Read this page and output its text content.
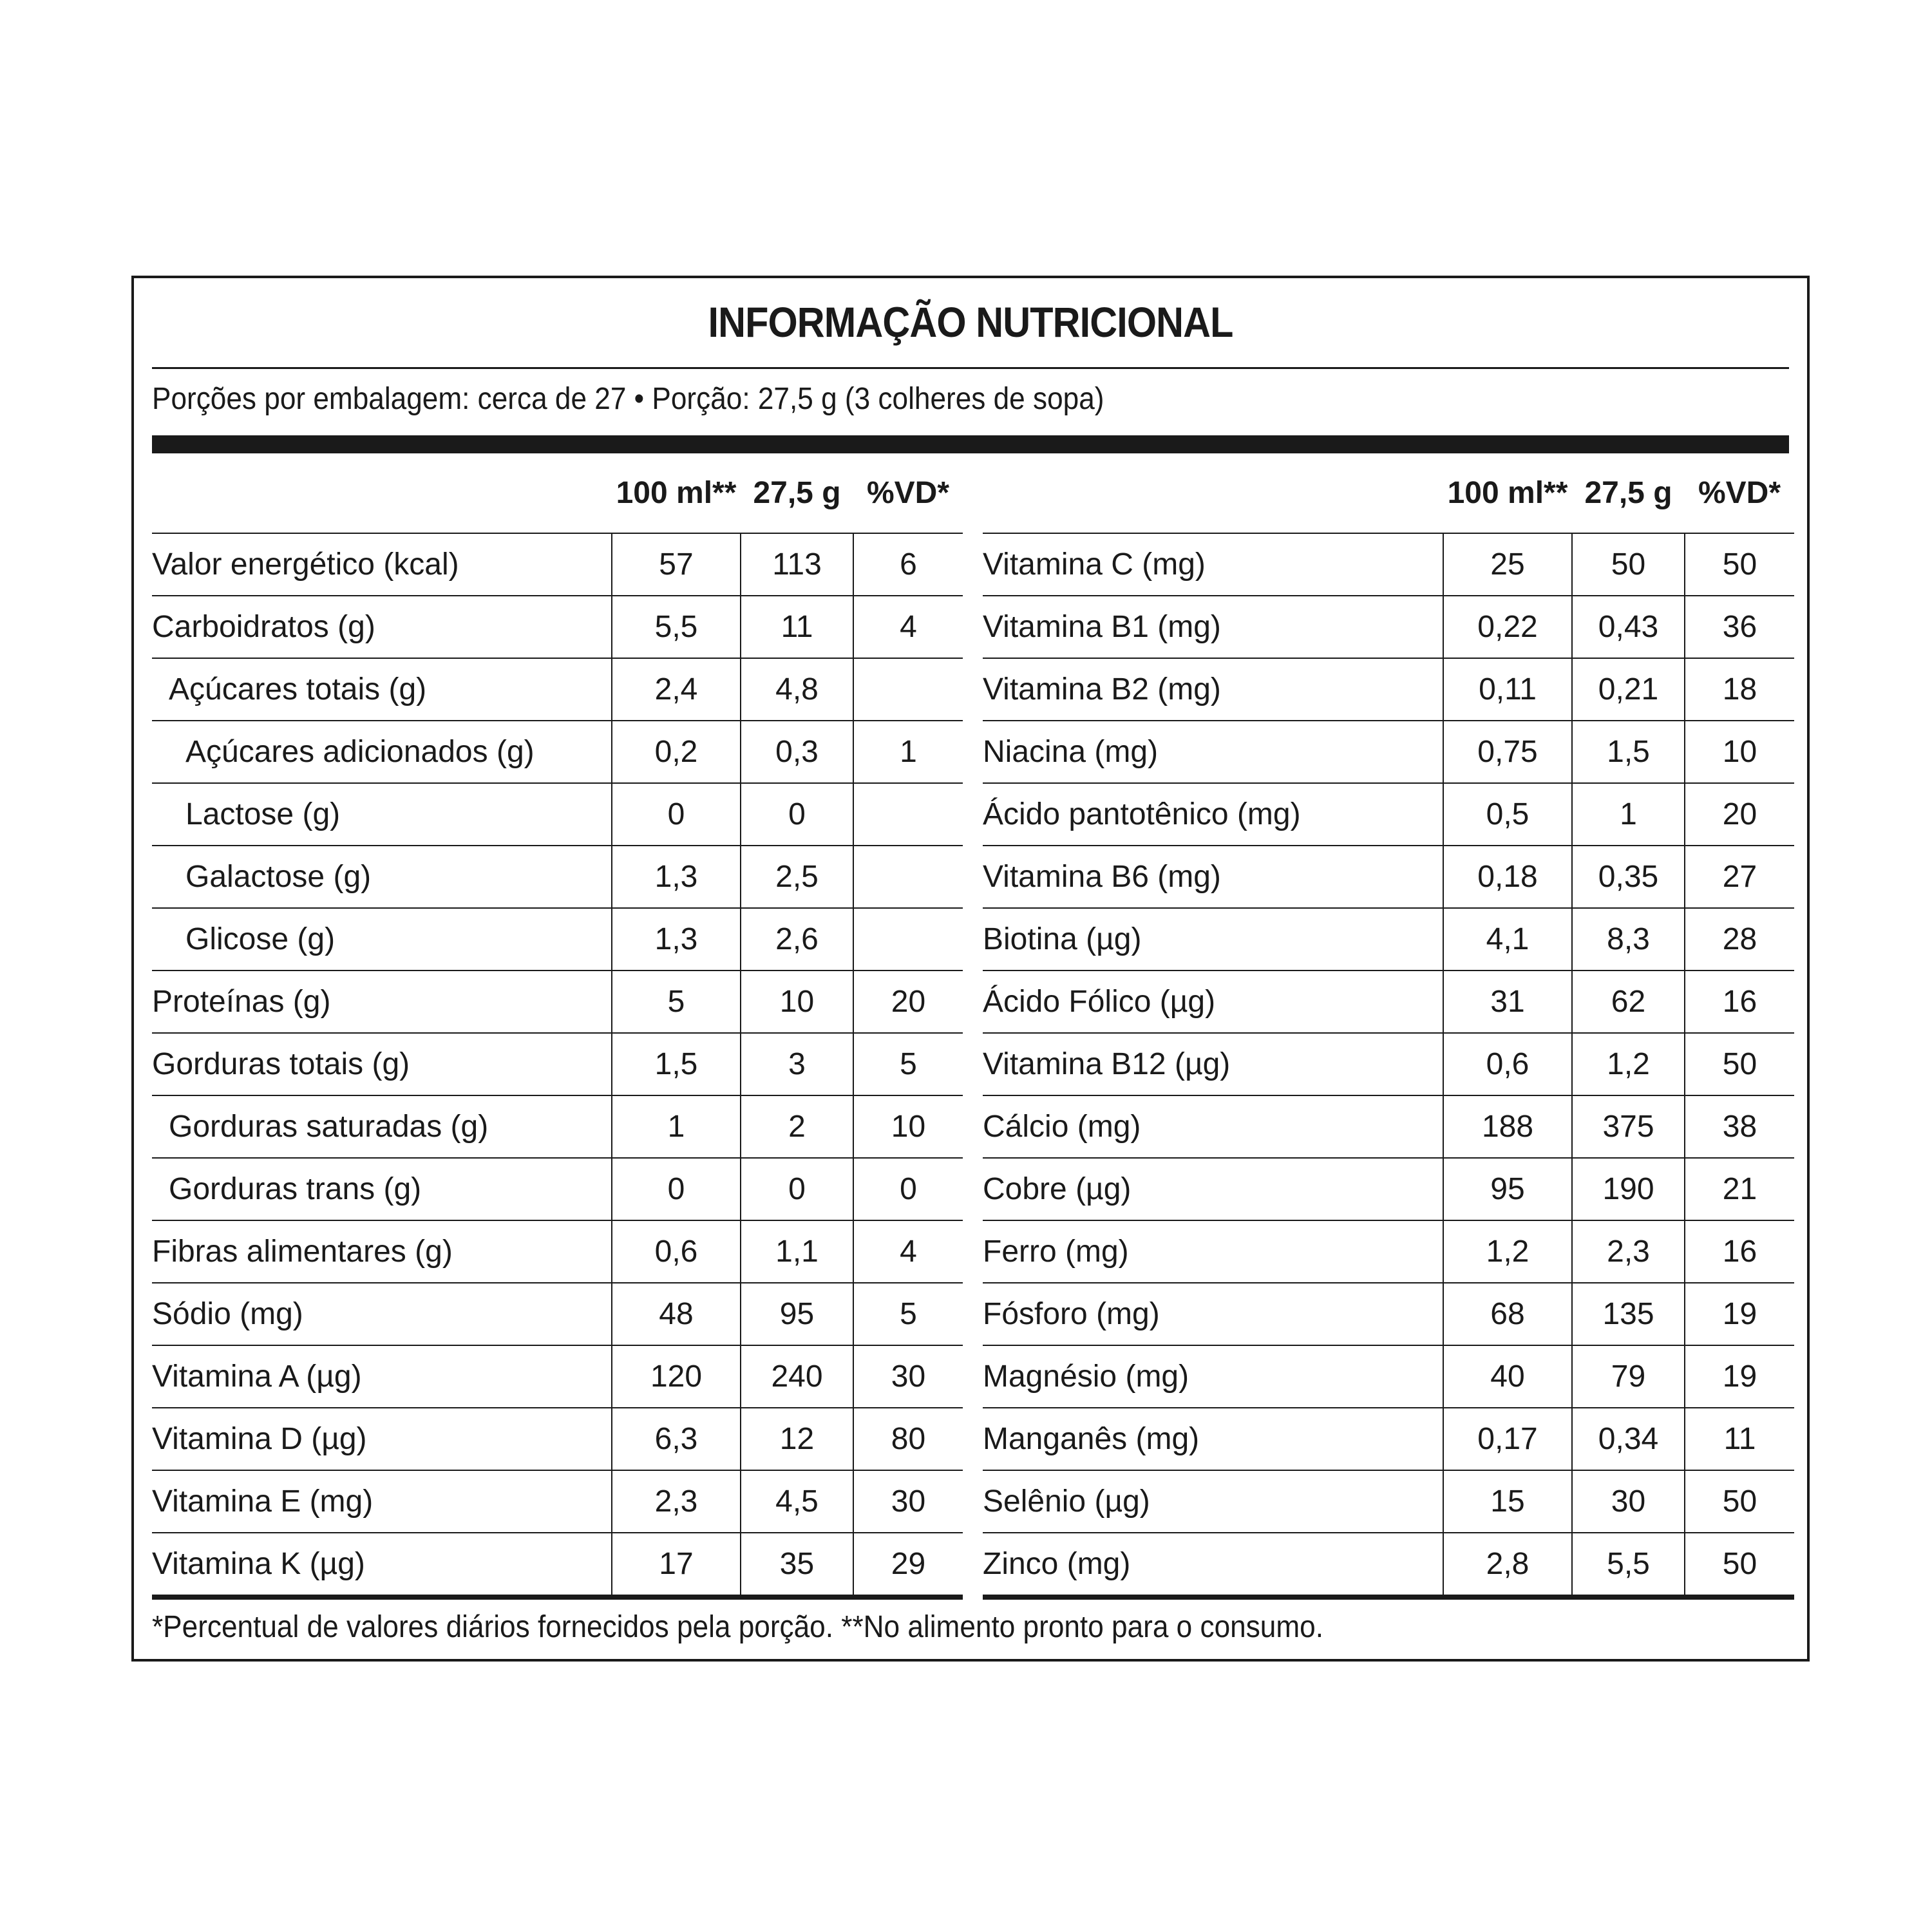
INFORMAÇÃO NUTRICIONAL
Porções por embalagem: cerca de 27 • Porção: 27,5 g (3 colheres de sopa)
	100 ml**	27,5 g	%VD*
Valor energético (kcal)	57	113	6
Carboidratos (g)	5,5	11	4
Açúcares totais (g)	2,4	4,8	
Açúcares adicionados (g)	0,2	0,3	1
Lactose (g)	0	0	
Galactose (g)	1,3	2,5	
Glicose (g)	1,3	2,6	
Proteínas (g)	5	10	20
Gorduras totais (g)	1,5	3	5
Gorduras saturadas (g)	1	2	10
Gorduras trans (g)	0	0	0
Fibras alimentares (g)	0,6	1,1	4
Sódio (mg)	48	95	5
Vitamina A (µg)	120	240	30
Vitamina D (µg)	6,3	12	80
Vitamina E (mg)	2,3	4,5	30
Vitamina K (µg)	17	35	29
	100 ml**	27,5 g	%VD*
Vitamina C (mg)	25	50	50
Vitamina B1 (mg)	0,22	0,43	36
Vitamina B2 (mg)	0,11	0,21	18
Niacina (mg)	0,75	1,5	10
Ácido pantotênico (mg)	0,5	1	20
Vitamina B6 (mg)	0,18	0,35	27
Biotina (µg)	4,1	8,3	28
Ácido Fólico (µg)	31	62	16
Vitamina B12 (µg)	0,6	1,2	50
Cálcio (mg)	188	375	38
Cobre (µg)	95	190	21
Ferro (mg)	1,2	2,3	16
Fósforo (mg)	68	135	19
Magnésio (mg)	40	79	19
Manganês (mg)	0,17	0,34	11
Selênio (µg)	15	30	50
Zinco (mg)	2,8	5,5	50
*Percentual de valores diários fornecidos pela porção. **No alimento pronto para o consumo.
